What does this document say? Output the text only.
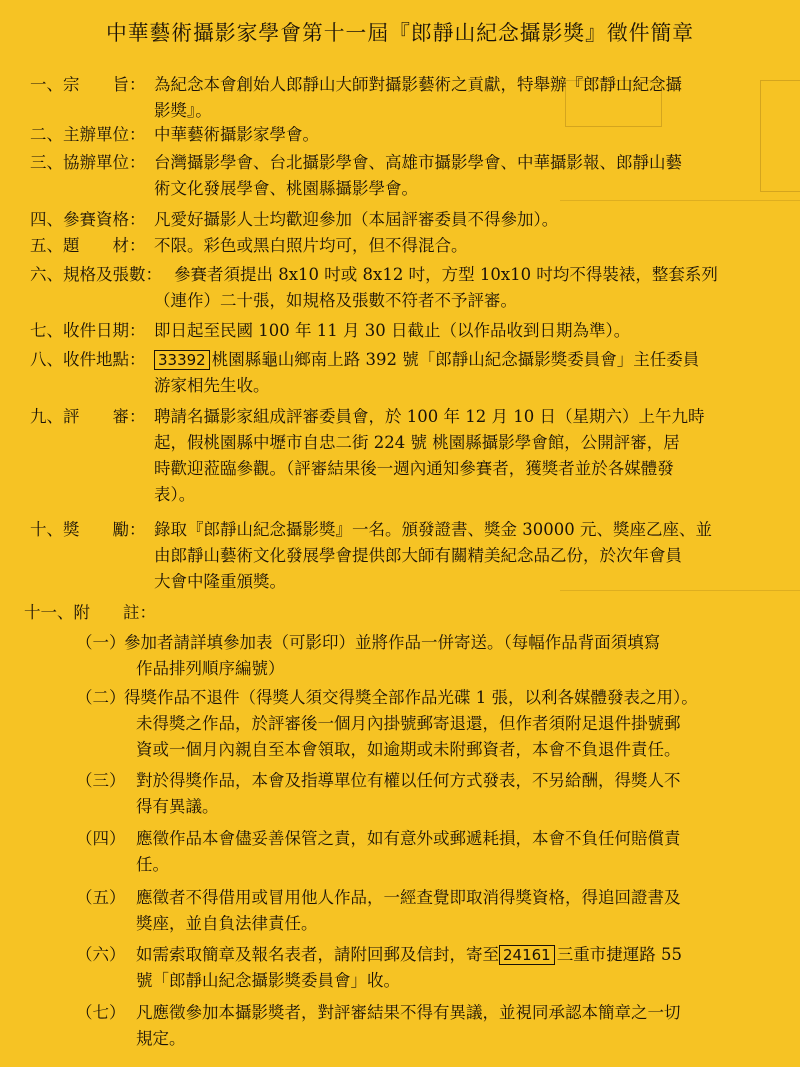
中華藝術攝影家學會第十一屆『郎靜山紀念攝影獎』徵件簡章
一、宗　　旨： 為紀念本會創始人郎靜山大師對攝影藝術之貢獻，特舉辦『郎靜山紀念攝
影獎』。
二、主辦單位： 中華藝術攝影家學會。
三、協辦單位： 台灣攝影學會、台北攝影學會、高雄市攝影學會、中華攝影報、郎靜山藝
術文化發展學會、桃園縣攝影學會。
四、參賽資格： 凡愛好攝影人士均歡迎參加（本屆評審委員不得參加）。
五、題　　材： 不限。彩色或黑白照片均可，但不得混合。
六、規格及張數： 參賽者須提出 8x10 吋或 8x12 吋，方型 10x10 吋均不得裝裱，整套系列
（連作）二十張，如規格及張數不符者不予評審。
七、收件日期： 即日起至民國 100 年 11 月 30 日截止（以作品收到日期為準）。
八、收件地點： 33392 桃園縣龜山鄉南上路 392 號「郎靜山紀念攝影獎委員會」主任委員
游家相先生收。
九、評　　審： 聘請名攝影家組成評審委員會，於 100 年 12 月 10 日（星期六）上午九時
起，假桃園縣中壢市自忠二街 224 號 桃園縣攝影學會館，公開評審，居
時歡迎蒞臨參觀。（評審結果後一週內通知參賽者，獲獎者並於各媒體發
表）。
十、獎　　勵： 錄取『郎靜山紀念攝影獎』一名。頒發證書、獎金 30000 元、獎座乙座、並
由郎靜山藝術文化發展學會提供郎大師有關精美紀念品乙份，於次年會員
大會中隆重頒獎。
十一、附　　註：
（一）
參加者請詳填參加表（可影印）並將作品一併寄送。（每幅作品背面須填寫
作品排列順序編號）
（二）
得獎作品不退件（得獎人須交得獎全部作品光碟 1 張，以利各媒體發表之用）。
未得獎之作品，於評審後一個月內掛號郵寄退還，但作者須附足退件掛號郵
資或一個月內親自至本會領取，如逾期或未附郵資者，本會不負退件責任。
（三） 對於得獎作品，本會及指導單位有權以任何方式發表，不另給酬，得獎人不
得有異議。
（四） 應徵作品本會儘妥善保管之責，如有意外或郵遞耗損，本會不負任何賠償責
任。
（五） 應徵者不得借用或冒用他人作品，一經查覺即取消得獎資格，得追回證書及
獎座，並自負法律責任。
（六） 如需索取簡章及報名表者，請附回郵及信封，寄至 24161 三重市捷運路 55
號「郎靜山紀念攝影獎委員會」收。
（七） 凡應徵參加本攝影獎者，對評審結果不得有異議，並視同承認本簡章之一切
規定。
